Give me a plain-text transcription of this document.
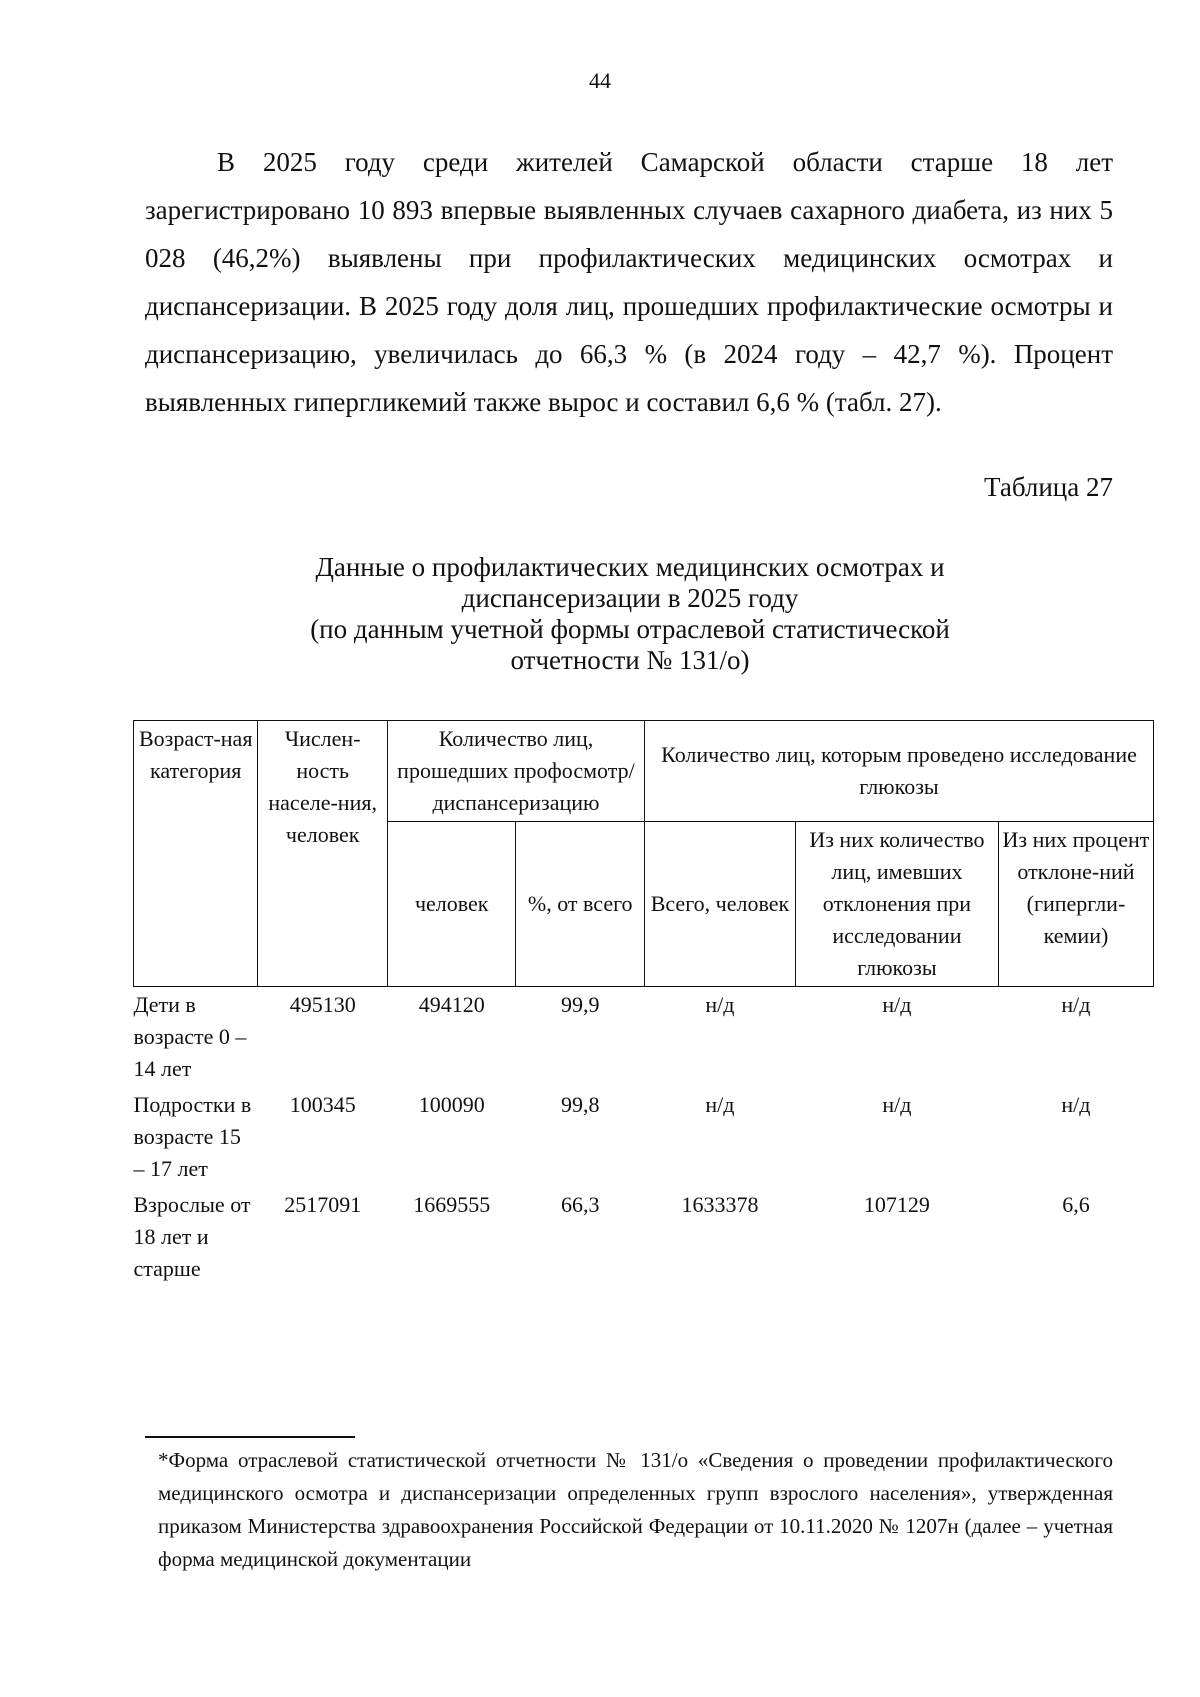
44

В 2025 году среди жителей Самарской области старше 18 лет зарегистрировано 10 893 впервые выявленных случаев сахарного диабета, из них 5 028 (46,2%) выявлены при профилактических медицинских осмотрах и диспансеризации. В 2025 году доля лиц, прошедших профилактические осмотры и диспансеризацию, увеличилась до 66,3 % (в 2024 году – 42,7 %). Процент выявленных гипергликемий также вырос и составил 6,6 % (табл. 27).

Таблица 27
Данные о профилактических медицинских осмотрах и
диспансеризации в 2025 году
(по данным учетной формы отраслевой статистической
отчетности № 131/о)
Возраст-ная категория	Числен-ность населе-ния, человек	Количество лиц, прошедших профосмотр/ диспансеризацию		Количество лиц, которым проведено исследование глюкозы		
		человек	%, от всего	Всего, человек	Из них количество лиц, имевших отклонения при исследовании глюкозы	Из них процент отклоне-ний (гипергли-кемии)
Дети в возрасте 0 – 14 лет	495130	494120	99,9	н/д	н/д	н/д
Подростки в возрасте 15 – 17 лет	100345	100090	99,8	н/д	н/д	н/д
Взрослые от 18 лет и старше	2517091	1669555	66,3	1633378	107129	6,6

*Форма отраслевой статистической отчетности № 131/о «Сведения о проведении профилактического медицинского осмотра и диспансеризации определенных групп взрослого населения», утвержденная приказом Министерства здравоохранения Российской Федерации от 10.11.2020 № 1207н (далее – учетная форма медицинской документации
